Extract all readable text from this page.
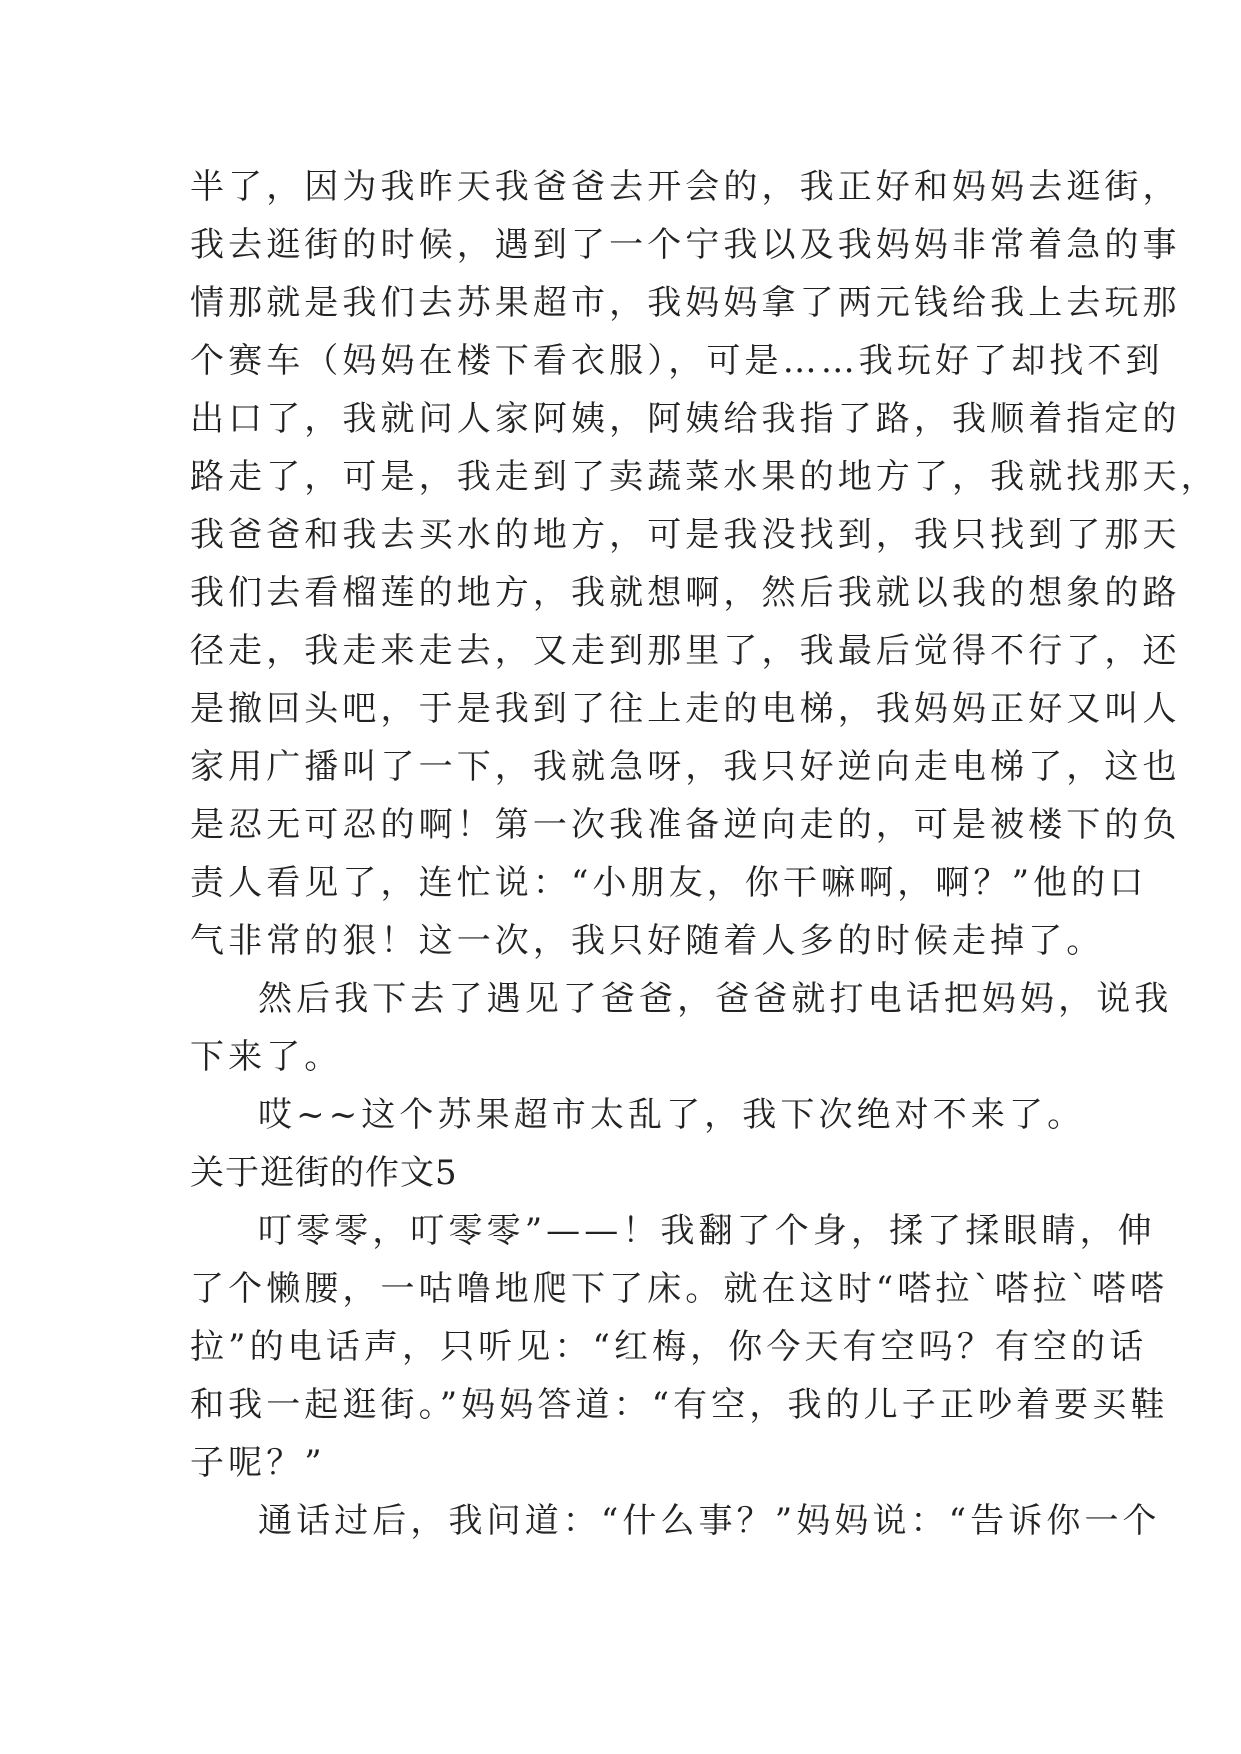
半了，因为我昨天我爸爸去开会的，我正好和妈妈去逛街，
我去逛街的时候，遇到了一个宁我以及我妈妈非常着急的事
情那就是我们去苏果超市，我妈妈拿了两元钱给我上去玩那
个赛车（妈妈在楼下看衣服），可是……我玩好了却找不到
出口了，我就问人家阿姨，阿姨给我指了路，我顺着指定的
路走了，可是，我走到了卖蔬菜水果的地方了，我就找那天，
我爸爸和我去买水的地方，可是我没找到，我只找到了那天
我们去看榴莲的地方，我就想啊，然后我就以我的想象的路
径走，我走来走去，又走到那里了，我最后觉得不行了，还
是撤回头吧，于是我到了往上走的电梯，我妈妈正好又叫人
家用广播叫了一下，我就急呀，我只好逆向走电梯了，这也
是忍无可忍的啊！第一次我准备逆向走的，可是被楼下的负
责人看见了，连忙说：“小朋友，你干嘛啊，啊？”他的口
气非常的狠！这一次，我只好随着人多的时候走掉了。
然后我下去了遇见了爸爸，爸爸就打电话把妈妈，说我
下来了。
哎~~这个苏果超市太乱了，我下次绝对不来了。
关于逛街的作文5
叮零零，叮零零”——！我翻了个身，揉了揉眼睛，伸
了个懒腰，一咕噜地爬下了床。就在这时“嗒拉`嗒拉`嗒嗒
拉”的电话声，只听见：“红梅，你今天有空吗？有空的话
和我一起逛街。”妈妈答道：“有空，我的儿子正吵着要买鞋
子呢？”
通话过后，我问道：“什么事？”妈妈说：“告诉你一个
